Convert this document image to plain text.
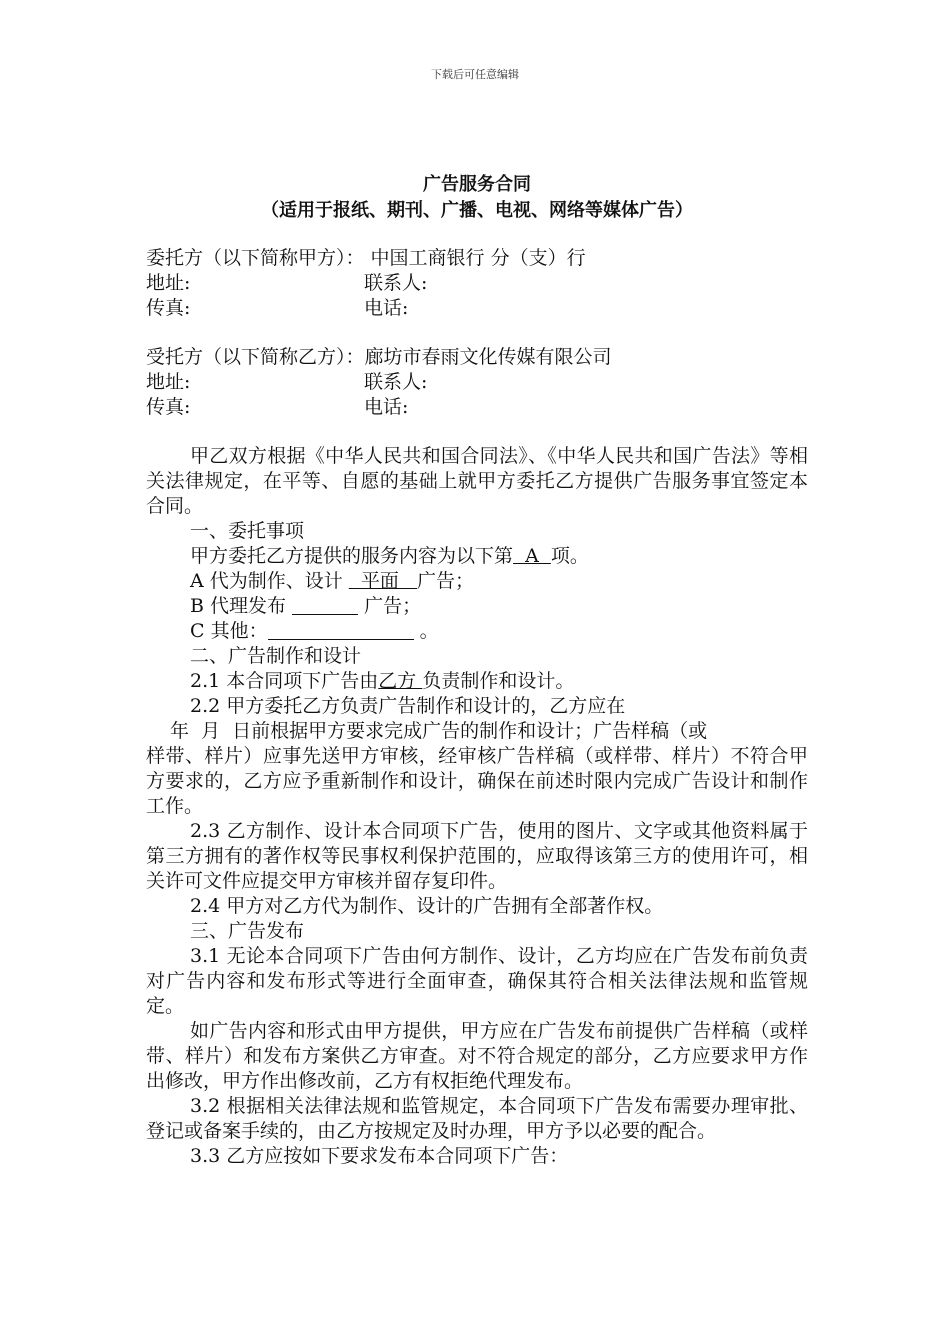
下载后可任意编辑
广告服务合同
（适用于报纸、期刊、广播、电视、网络等媒体广告）
委托方（以下简称甲方）： 中国工商银行 分（支）行
地址:	联系人:
传真:	电话:
受托方（以下简称乙方）：廊坊市春雨文化传媒有限公司
地址:	联系人:
传真:	电话:
甲乙双方根据《中华人民共和国合同法》、《中华人民共和国广告法》等相关法律规定，在平等、自愿的基础上就甲方委托乙方提供广告服务事宜签定本合同。
一、委托事项
甲方委托乙方提供的服务内容为以下第  A  项。
A 代为制作、设计   平面   广告；
B 代理发布	广告；
C 其他：	。
二、广告制作和设计
2.1 本合同项下广告由乙方 负责制作和设计。
2.2 甲方委托乙方负责广告制作和设计的，乙方应在
年  月  日前根据甲方要求完成广告的制作和设计；广告样稿（或
样带、样片）应事先送甲方审核，经审核广告样稿（或样带、样片）不符合甲方要求的，乙方应予重新制作和设计，确保在前述时限内完成广告设计和制作工作。
2.3 乙方制作、设计本合同项下广告，使用的图片、文字或其他资料属于第三方拥有的著作权等民事权利保护范围的，应取得该第三方的使用许可，相关许可文件应提交甲方审核并留存复印件。
2.4 甲方对乙方代为制作、设计的广告拥有全部著作权。
三、广告发布
3.1 无论本合同项下广告由何方制作、设计，乙方均应在广告发布前负责对广告内容和发布形式等进行全面审查，确保其符合相关法律法规和监管规定。
如广告内容和形式由甲方提供，甲方应在广告发布前提供广告样稿（或样带、样片）和发布方案供乙方审查。对不符合规定的部分，乙方应要求甲方作出修改，甲方作出修改前，乙方有权拒绝代理发布。
3.2 根据相关法律法规和监管规定，本合同项下广告发布需要办理审批、登记或备案手续的，由乙方按规定及时办理，甲方予以必要的配合。
3.3 乙方应按如下要求发布本合同项下广告：
